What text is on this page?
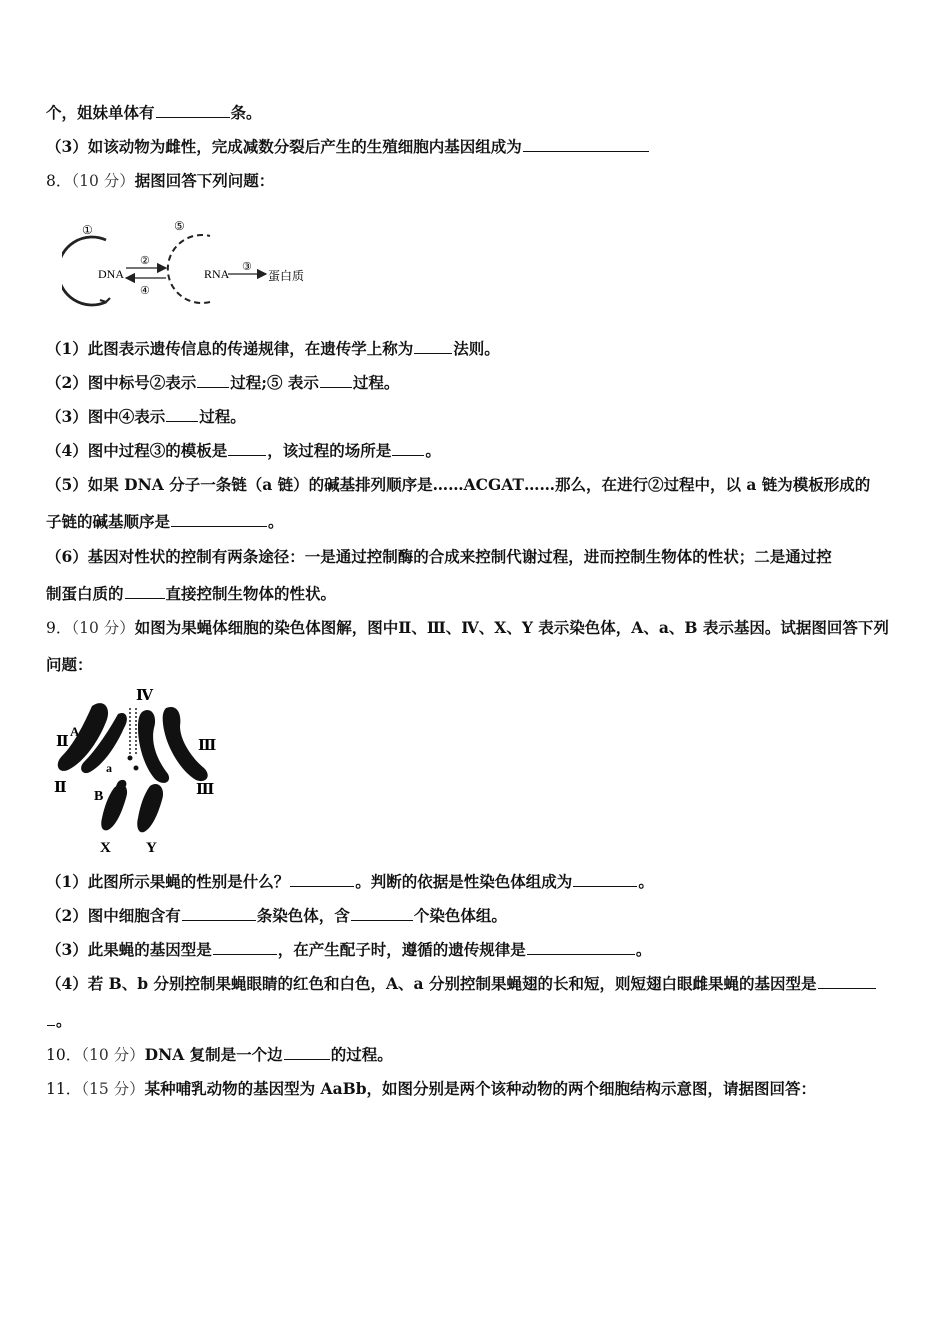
个，姐妹单体有	条。
（3）如该动物为雌性，完成减数分裂后产生的生殖细胞内基因组成为
8．（10 分）据图回答下列问题：
①
DNA
②
④
⑤
RNA ③
蛋白质
（1）此图表示遗传信息的传递规律，在遗传学上称为	法则。
（2）图中标号②表示 过程;⑤ 表示 过程。
（3）图中④表示 过程。
（4）图中过程③的模板是	，该过程的场所是 。
（5）如果 DNA 分子一条链（a 链）的碱基排列顺序是……ACGAT……那么，在进行②过程中，以 a 链为模板形成的
子链的碱基顺序是	。
（6）基因对性状的控制有两条途径：一是通过控制酶的合成来控制代谢过程，进而控制生物体的性状；二是通过控
制蛋白质的	直接控制生物体的性状。
9．（10 分）如图为果蝇体细胞的染色体图解，图中Ⅱ、Ⅲ、Ⅳ、X、Y 表示染色体，A、a、B 表示基因。试据图回答下列
问题：
Ⅳ
Ⅱ
A
Ⅱ
a
B
Ⅲ
Ⅲ
X Y
（1）此图所示果蝇的性别是什么？	。判断的依据是性染色体组成为	。
（2）图中细胞含有	条染色体，含	个染色体组。
（3）此果蝇的基因型是	，在产生配子时，遵循的遗传规律是	。
（4）若 B、b 分别控制果蝇眼睛的红色和白色，A、a 分别控制果蝇翅的长和短，则短翅白眼雌果蝇的基因型是
。
10．（10 分）DNA 复制是一个边	的过程。
11．（15 分）某种哺乳动物的基因型为 AaBb，如图分别是两个该种动物的两个细胞结构示意图，请据图回答：
